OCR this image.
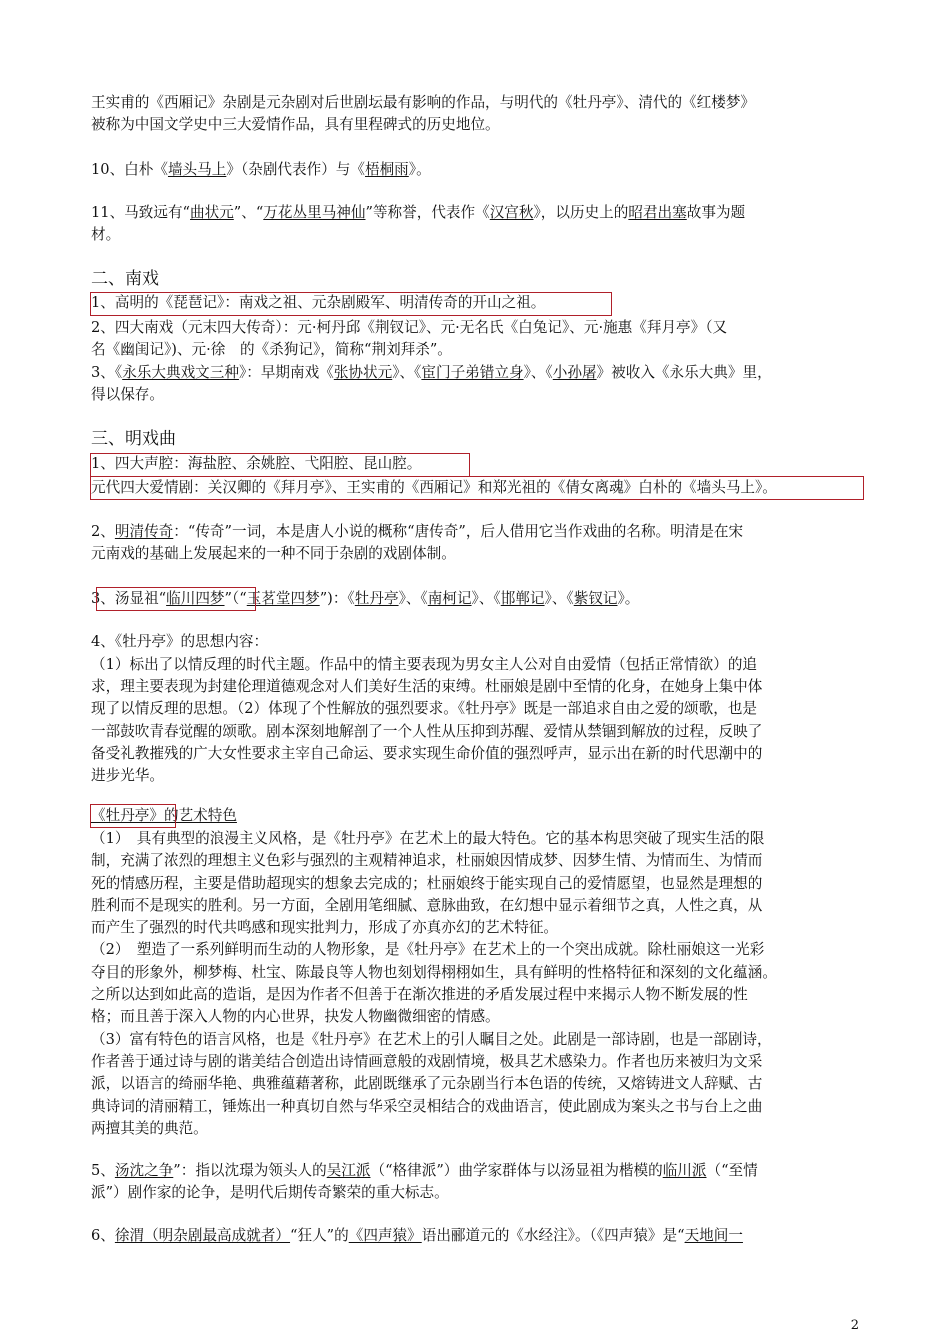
王实甫的《西厢记》杂剧是元杂剧对后世剧坛最有影响的作品，与明代的《牡丹亭》、清代的《红楼梦》
被称为中国文学史中三大爱情作品，具有里程碑式的历史地位。
10、白朴《墙头马上》（杂剧代表作）与《梧桐雨》。
11、马致远有“曲状元”、“万花丛里马神仙”等称誉，代表作《汉宫秋》，以历史上的昭君出塞故事为题
材。
二、南戏
1、高明的《琵琶记》：南戏之祖、元杂剧殿军、明清传奇的开山之祖。
2、四大南戏（元末四大传奇）：元·柯丹邱《荆钗记》、元·无名氏《白兔记》、元·施惠《拜月亭》（又
名《幽闺记》)、元·徐　的《杀狗记》，简称“荆刘拜杀”。
3、《永乐大典戏文三种》：早期南戏《张协状元》、《宦门子弟错立身》、《小孙屠》被收入《永乐大典》里，
得以保存。
三、明戏曲
1、四大声腔：海盐腔、余姚腔、弋阳腔、昆山腔。
元代四大爱情剧：关汉卿的《拜月亭》、王实甫的《西厢记》和郑光祖的《倩女离魂》白朴的《墙头马上》。
2、明清传奇：“传奇”一词，本是唐人小说的概称“唐传奇”，后人借用它当作戏曲的名称。明清是在宋
元南戏的基础上发展起来的一种不同于杂剧的戏剧体制。
3、汤显祖“临川四梦”（“玉茗堂四梦”)：《牡丹亭》、《南柯记》、《邯郸记》、《紫钗记》。
4、《牡丹亭》的思想内容：
（1）标出了以情反理的时代主题。作品中的情主要表现为男女主人公对自由爱情（包括正常情欲）的追
求，理主要表现为封建伦理道德观念对人们美好生活的束缚。杜丽娘是剧中至情的化身，在她身上集中体
现了以情反理的思想。（2）体现了个性解放的强烈要求。《牡丹亭》既是一部追求自由之爱的颂歌，也是
一部鼓吹青春觉醒的颂歌。剧本深刻地解剖了一个人性从压抑到苏醒、爱情从禁锢到解放的过程，反映了
备受礼教摧残的广大女性要求主宰自己命运、要求实现生命价值的强烈呼声，显示出在新的时代思潮中的
进步光华。
《牡丹亭》的艺术特色
（1）　具有典型的浪漫主义风格，是《牡丹亭》在艺术上的最大特色。它的基本构思突破了现实生活的限
制，充满了浓烈的理想主义色彩与强烈的主观精神追求，杜丽娘因情成梦、因梦生情、为情而生、为情而
死的情感历程，主要是借助超现实的想象去完成的；杜丽娘终于能实现自己的爱情愿望，也显然是理想的
胜利而不是现实的胜利。另一方面，全剧用笔细腻、意脉曲致，在幻想中显示着细节之真，人性之真，从
而产生了强烈的时代共鸣感和现实批判力，形成了亦真亦幻的艺术特征。
（2）　塑造了一系列鲜明而生动的人物形象，是《牡丹亭》在艺术上的一个突出成就。除杜丽娘这一光彩
夺目的形象外，柳梦梅、杜宝、陈最良等人物也刻划得栩栩如生，具有鲜明的性格特征和深刻的文化蕴涵。
之所以达到如此高的造诣，是因为作者不但善于在渐次推进的矛盾发展过程中来揭示人物不断发展的性
格；而且善于深入人物的内心世界，抉发人物幽微细密的情感。
（3）富有特色的语言风格，也是《牡丹亭》在艺术上的引人瞩目之处。此剧是一部诗剧，也是一部剧诗，
作者善于通过诗与剧的谐美结合创造出诗情画意般的戏剧情境，极具艺术感染力。作者也历来被归为文采
派，以语言的绮丽华艳、典雅蕴藉著称，此剧既继承了元杂剧当行本色语的传统，又熔铸进文人辞赋、古
典诗词的清丽精工，锤炼出一种真切自然与华采空灵相结合的戏曲语言，使此剧成为案头之书与台上之曲
两擅其美的典范。
5、汤沈之争”：指以沈璟为领头人的吴江派（“格律派”）曲学家群体与以汤显祖为楷模的临川派（“至情
派”）剧作家的论争，是明代后期传奇繁荣的重大标志。
6、徐渭（明杂剧最高成就者）“狂人”的《四声猿》语出郦道元的《水经注》。（《四声猿》是“天地间一
2
